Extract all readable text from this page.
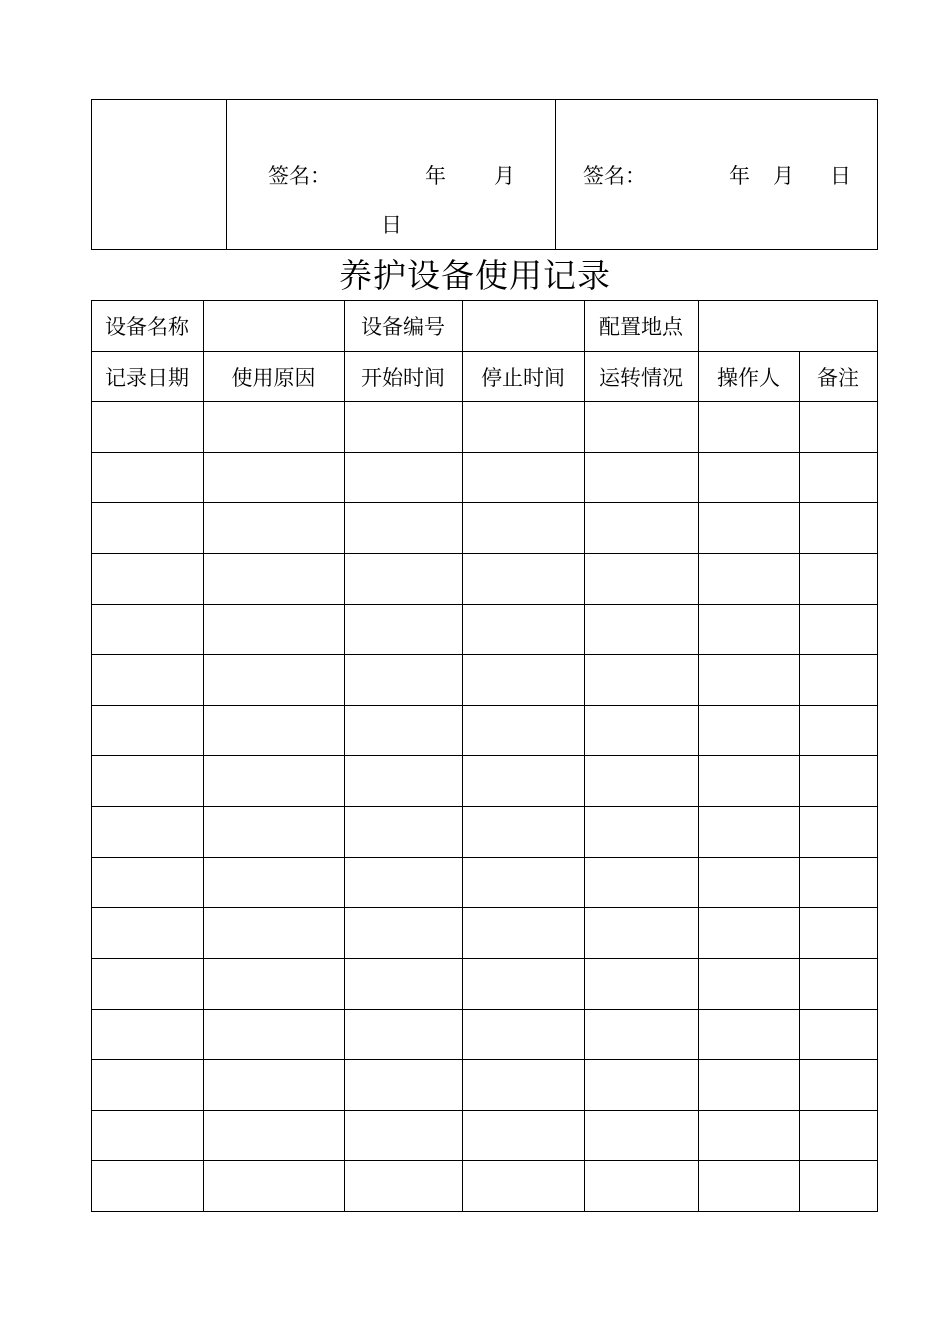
签名：	年 月
日
签名：	年 月 日
养护设备使用记录
设备名称	设备编号	配置地点
记录日期	使用原因	开始时间	停止时间	运转情况	操作人	备注
